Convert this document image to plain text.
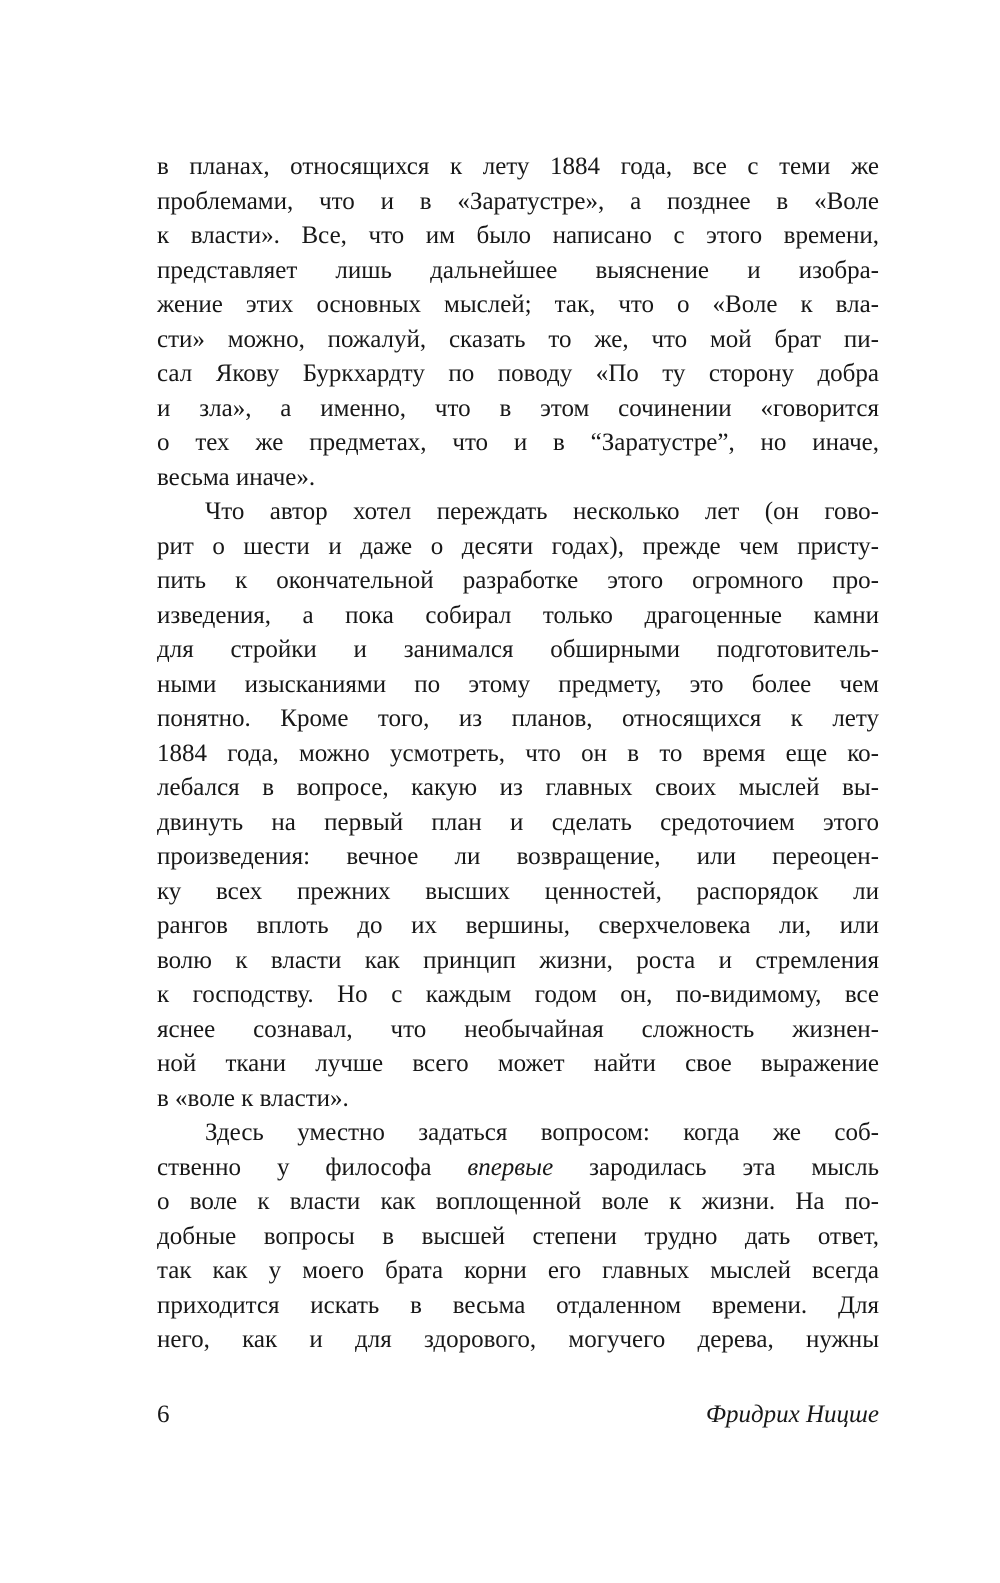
в планах, относящихся к лету 1884 года, все с теми же
проблемами, что и в «Заратустре», а позднее в «Воле
к власти». Все, что им было написано с этого времени,
представляет лишь дальнейшее выяснение и изобра-
жение этих основных мыслей; так, что о «Воле к вла-
сти» можно, пожалуй, сказать то же, что мой брат пи-
сал Якову Буркхардту по поводу «По ту сторону добра
и зла», а именно, что в этом сочинении «говорится
о тех же предметах, что и в “Заратустре”, но иначе,
весьма иначе».
Что автор хотел переждать несколько лет (он гово-
рит о шести и даже о десяти годах), прежде чем присту-
пить к окончательной разработке этого огромного про-
изведения, а пока собирал только драгоценные камни
для стройки и занимался обширными подготовитель-
ными изысканиями по этому предмету, это более чем
понятно. Кроме того, из планов, относящихся к лету
1884 года, можно усмотреть, что он в то время еще ко-
лебался в вопросе, какую из главных своих мыслей вы-
двинуть на первый план и сделать средоточием этого
произведения: вечное ли возвращение, или переоцен-
ку всех прежних высших ценностей, распорядок ли
рангов вплоть до их вершины, сверхчеловека ли, или
волю к власти как принцип жизни, роста и стремления
к господству. Но с каждым годом он, по-видимому, все
яснее сознавал, что необычайная сложность жизнен-
ной ткани лучше всего может найти свое выражение
в «воле к власти».
Здесь уместно задаться вопросом: когда же соб-
ственно у философа впервые зародилась эта мысль
о воле к власти как воплощенной воле к жизни. На по-
добные вопросы в высшей степени трудно дать ответ,
так как у моего брата корни его главных мыслей всегда
приходится искать в весьма отдаленном времени. Для
него, как и для здорового, могучего дерева, нужны
6	Фридрих Ницше
